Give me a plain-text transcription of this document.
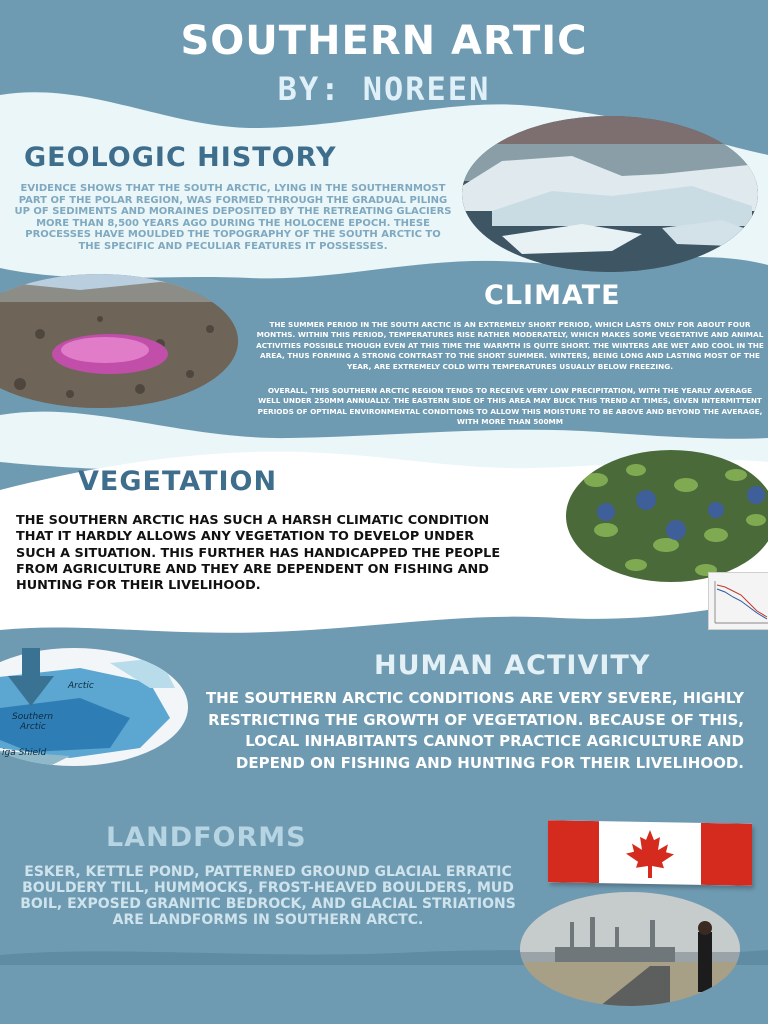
SOUTHERN ARTIC
BY: NOREEN
GEOLOGIC HISTORY
EVIDENCE SHOWS THAT THE SOUTH ARCTIC, LYING IN THE SOUTHERNMOST PART OF THE POLAR REGION, WAS FORMED THROUGH THE GRADUAL PILING UP OF SEDIMENTS AND MORAINES DEPOSITED BY THE RETREATING GLACIERS MORE THAN 8,500 YEARS AGO DURING THE HOLOCENE EPOCH. THESE PROCESSES HAVE MOULDED THE TOPOGRAPHY OF THE SOUTH ARCTIC TO THE SPECIFIC AND PECULIAR FEATURES IT POSSESSES.
CLIMATE
THE SUMMER PERIOD IN THE SOUTH ARCTIC IS AN EXTREMELY SHORT PERIOD, WHICH LASTS ONLY FOR ABOUT FOUR MONTHS. WITHIN THIS PERIOD, TEMPERATURES RISE RATHER MODERATELY, WHICH MAKES SOME VEGETATIVE AND ANIMAL ACTIVITIES POSSIBLE THOUGH EVEN AT THIS TIME THE WARMTH IS QUITE SHORT. THE WINTERS ARE WET AND COOL IN THE AREA, THUS FORMING A STRONG CONTRAST TO THE SHORT SUMMER. WINTERS, BEING LONG AND LASTING MOST OF THE YEAR, ARE EXTREMELY COLD WITH TEMPERATURES USUALLY BELOW FREEZING.
OVERALL, THIS SOUTHERN ARCTIC REGION TENDS TO RECEIVE VERY LOW PRECIPITATION, WITH THE YEARLY AVERAGE WELL UNDER 250MM ANNUALLY. THE EASTERN SIDE OF THIS AREA MAY BUCK THIS TREND AT TIMES, GIVEN INTERMITTENT PERIODS OF OPTIMAL ENVIRONMENTAL CONDITIONS TO ALLOW THIS MOISTURE TO BE ABOVE AND BEYOND THE AVERAGE, WITH MORE THAN 500MM
VEGETATION
THE SOUTHERN ARCTIC HAS SUCH A HARSH CLIMATIC CONDITION THAT IT HARDLY ALLOWS ANY VEGETATION TO DEVELOP UNDER SUCH A SITUATION. THIS FURTHER HAS HANDICAPPED THE PEOPLE FROM AGRICULTURE AND THEY ARE DEPENDENT ON FISHING AND HUNTING FOR THEIR LIVELIHOOD.
Arctic
Southern
Arctic
iga Shield
HUMAN ACTIVITY
THE SOUTHERN ARCTIC CONDITIONS ARE VERY SEVERE, HIGHLY RESTRICTING THE GROWTH OF VEGETATION. BECAUSE OF THIS, LOCAL INHABITANTS CANNOT PRACTICE AGRICULTURE AND DEPEND ON FISHING AND HUNTING FOR THEIR LIVELIHOOD.
LANDFORMS
ESKER, KETTLE POND, PATTERNED GROUND GLACIAL ERRATIC BOULDERY TILL, HUMMOCKS, FROST-HEAVED BOULDERS, MUD BOIL, EXPOSED GRANITIC BEDROCK, AND GLACIAL STRIATIONS ARE LANDFORMS IN SOUTHERN ARCTC.
